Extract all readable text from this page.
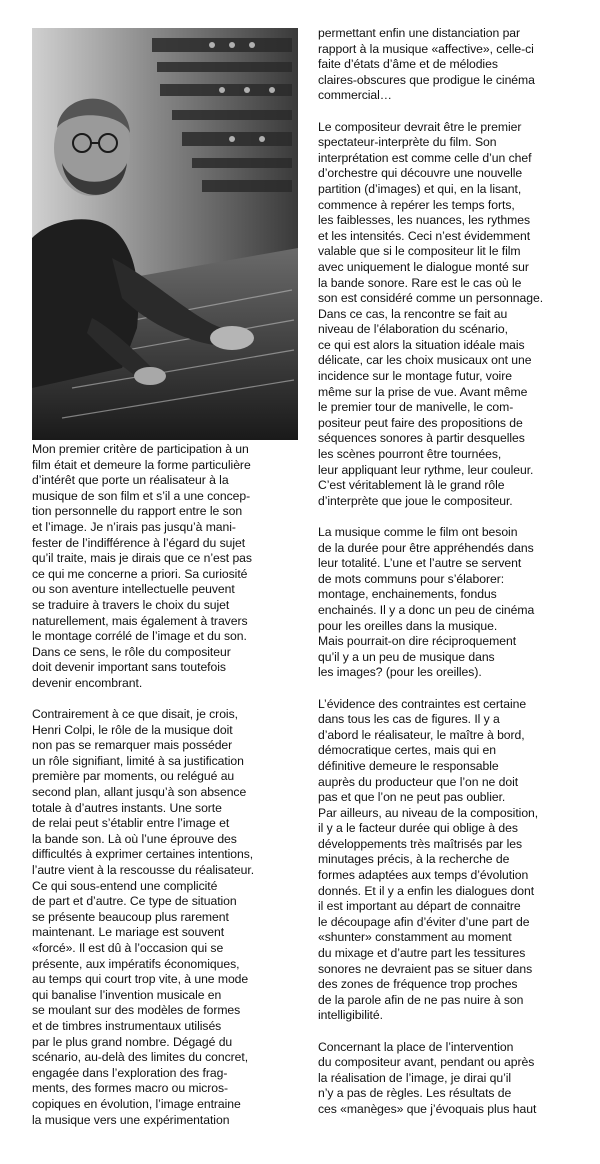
Mon premier critère de participation à un
film était et demeure la forme particulière
d’intérêt que porte un réalisateur à la
musique de son film et s’il a une concep-
tion personnelle du rapport entre le son
et l’image. Je n’irais pas jusqu’à mani-
fester de l’indifférence à l’égard du sujet
qu’il traite, mais je dirais que ce n’est pas
ce qui me concerne a priori. Sa curiosité
ou son aventure intellectuelle peuvent
se traduire à travers le choix du sujet
naturellement, mais également à travers
le montage corrélé de l’image et du son.
Dans ce sens, le rôle du compositeur
doit devenir important sans toutefois
devenir encombrant.

Contrairement à ce que disait, je crois,
Henri Colpi, le rôle de la musique doit
non pas se remarquer mais posséder
un rôle signifiant, limité à sa justification
première par moments, ou relégué au
second plan, allant jusqu’à son absence
totale à d’autres instants. Une sorte
de relai peut s’établir entre l’image et
la bande son. Là où l’une éprouve des
difficultés à exprimer certaines intentions,
l’autre vient à la rescousse du réalisateur.
Ce qui sous-entend une complicité
de part et d’autre. Ce type de situation
se présente beaucoup plus rarement
maintenant. Le mariage est souvent
«forcé». Il est dû à l’occasion qui se
présente, aux impératifs économiques,
au temps qui court trop vite, à une mode
qui banalise l’invention musicale en
se moulant sur des modèles de formes
et de timbres instrumentaux utilisés
par le plus grand nombre. Dégagé du
scénario, au-delà des limites du concret,
engagée dans l’exploration des frag-
ments, des formes macro ou micros-
copiques en évolution, l’image entraine
la musique vers une expérimentation

permettant enfin une distanciation par
rapport à la musique «affective», celle-ci
faite d’états d’âme et de mélodies
claires-obscures que prodigue le cinéma
commercial…

Le compositeur devrait être le premier
spectateur-interprète du film. Son
interprétation est comme celle d’un chef
d’orchestre qui découvre une nouvelle
partition (d’images) et qui, en la lisant,
commence à repérer les temps forts,
les faiblesses, les nuances, les rythmes
et les intensités. Ceci n’est évidemment
valable que si le compositeur lit le film
avec uniquement le dialogue monté sur
la bande sonore. Rare est le cas où le
son est considéré comme un personnage.
Dans ce cas, la rencontre se fait au
niveau de l’élaboration du scénario,
ce qui est alors la situation idéale mais
délicate, car les choix musicaux ont une
incidence sur le montage futur, voire
même sur la prise de vue. Avant même
le premier tour de manivelle, le com-
positeur peut faire des propositions de
séquences sonores à partir desquelles
les scènes pourront être tournées,
leur appliquant leur rythme, leur couleur.
C’est véritablement là le grand rôle
d’interprète que joue le compositeur.

La musique comme le film ont besoin
de la durée pour être appréhendés dans
leur totalité. L’une et l’autre se servent
de mots communs pour s’élaborer:
montage, enchainements, fondus
enchainés. Il y a donc un peu de cinéma
pour les oreilles dans la musique.
Mais pourrait-on dire réciproquement
qu’il y a un peu de musique dans
les images? (pour les oreilles).

L’évidence des contraintes est certaine
dans tous les cas de figures. Il y a
d’abord le réalisateur, le maître à bord,
démocratique certes, mais qui en
définitive demeure le responsable
auprès du producteur que l’on ne doit
pas et que l’on ne peut pas oublier.
Par ailleurs, au niveau de la composition,
il y a le facteur durée qui oblige à des
développements très maîtrisés par les
minutages précis, à la recherche de
formes adaptées aux temps d’évolution
donnés. Et il y a enfin les dialogues dont
il est important au départ de connaitre
le découpage afin d’éviter d’une part de
«shunter» constamment au moment
du mixage et d’autre part les tessitures
sonores ne devraient pas se situer dans
des zones de fréquence trop proches
de la parole afin de ne pas nuire à son
intelligibilité.

Concernant la place de l’intervention
du compositeur avant, pendant ou après
la réalisation de l’image, je dirai qu’il
n’y a pas de règles. Les résultats de
ces «manèges» que j’évoquais plus haut
